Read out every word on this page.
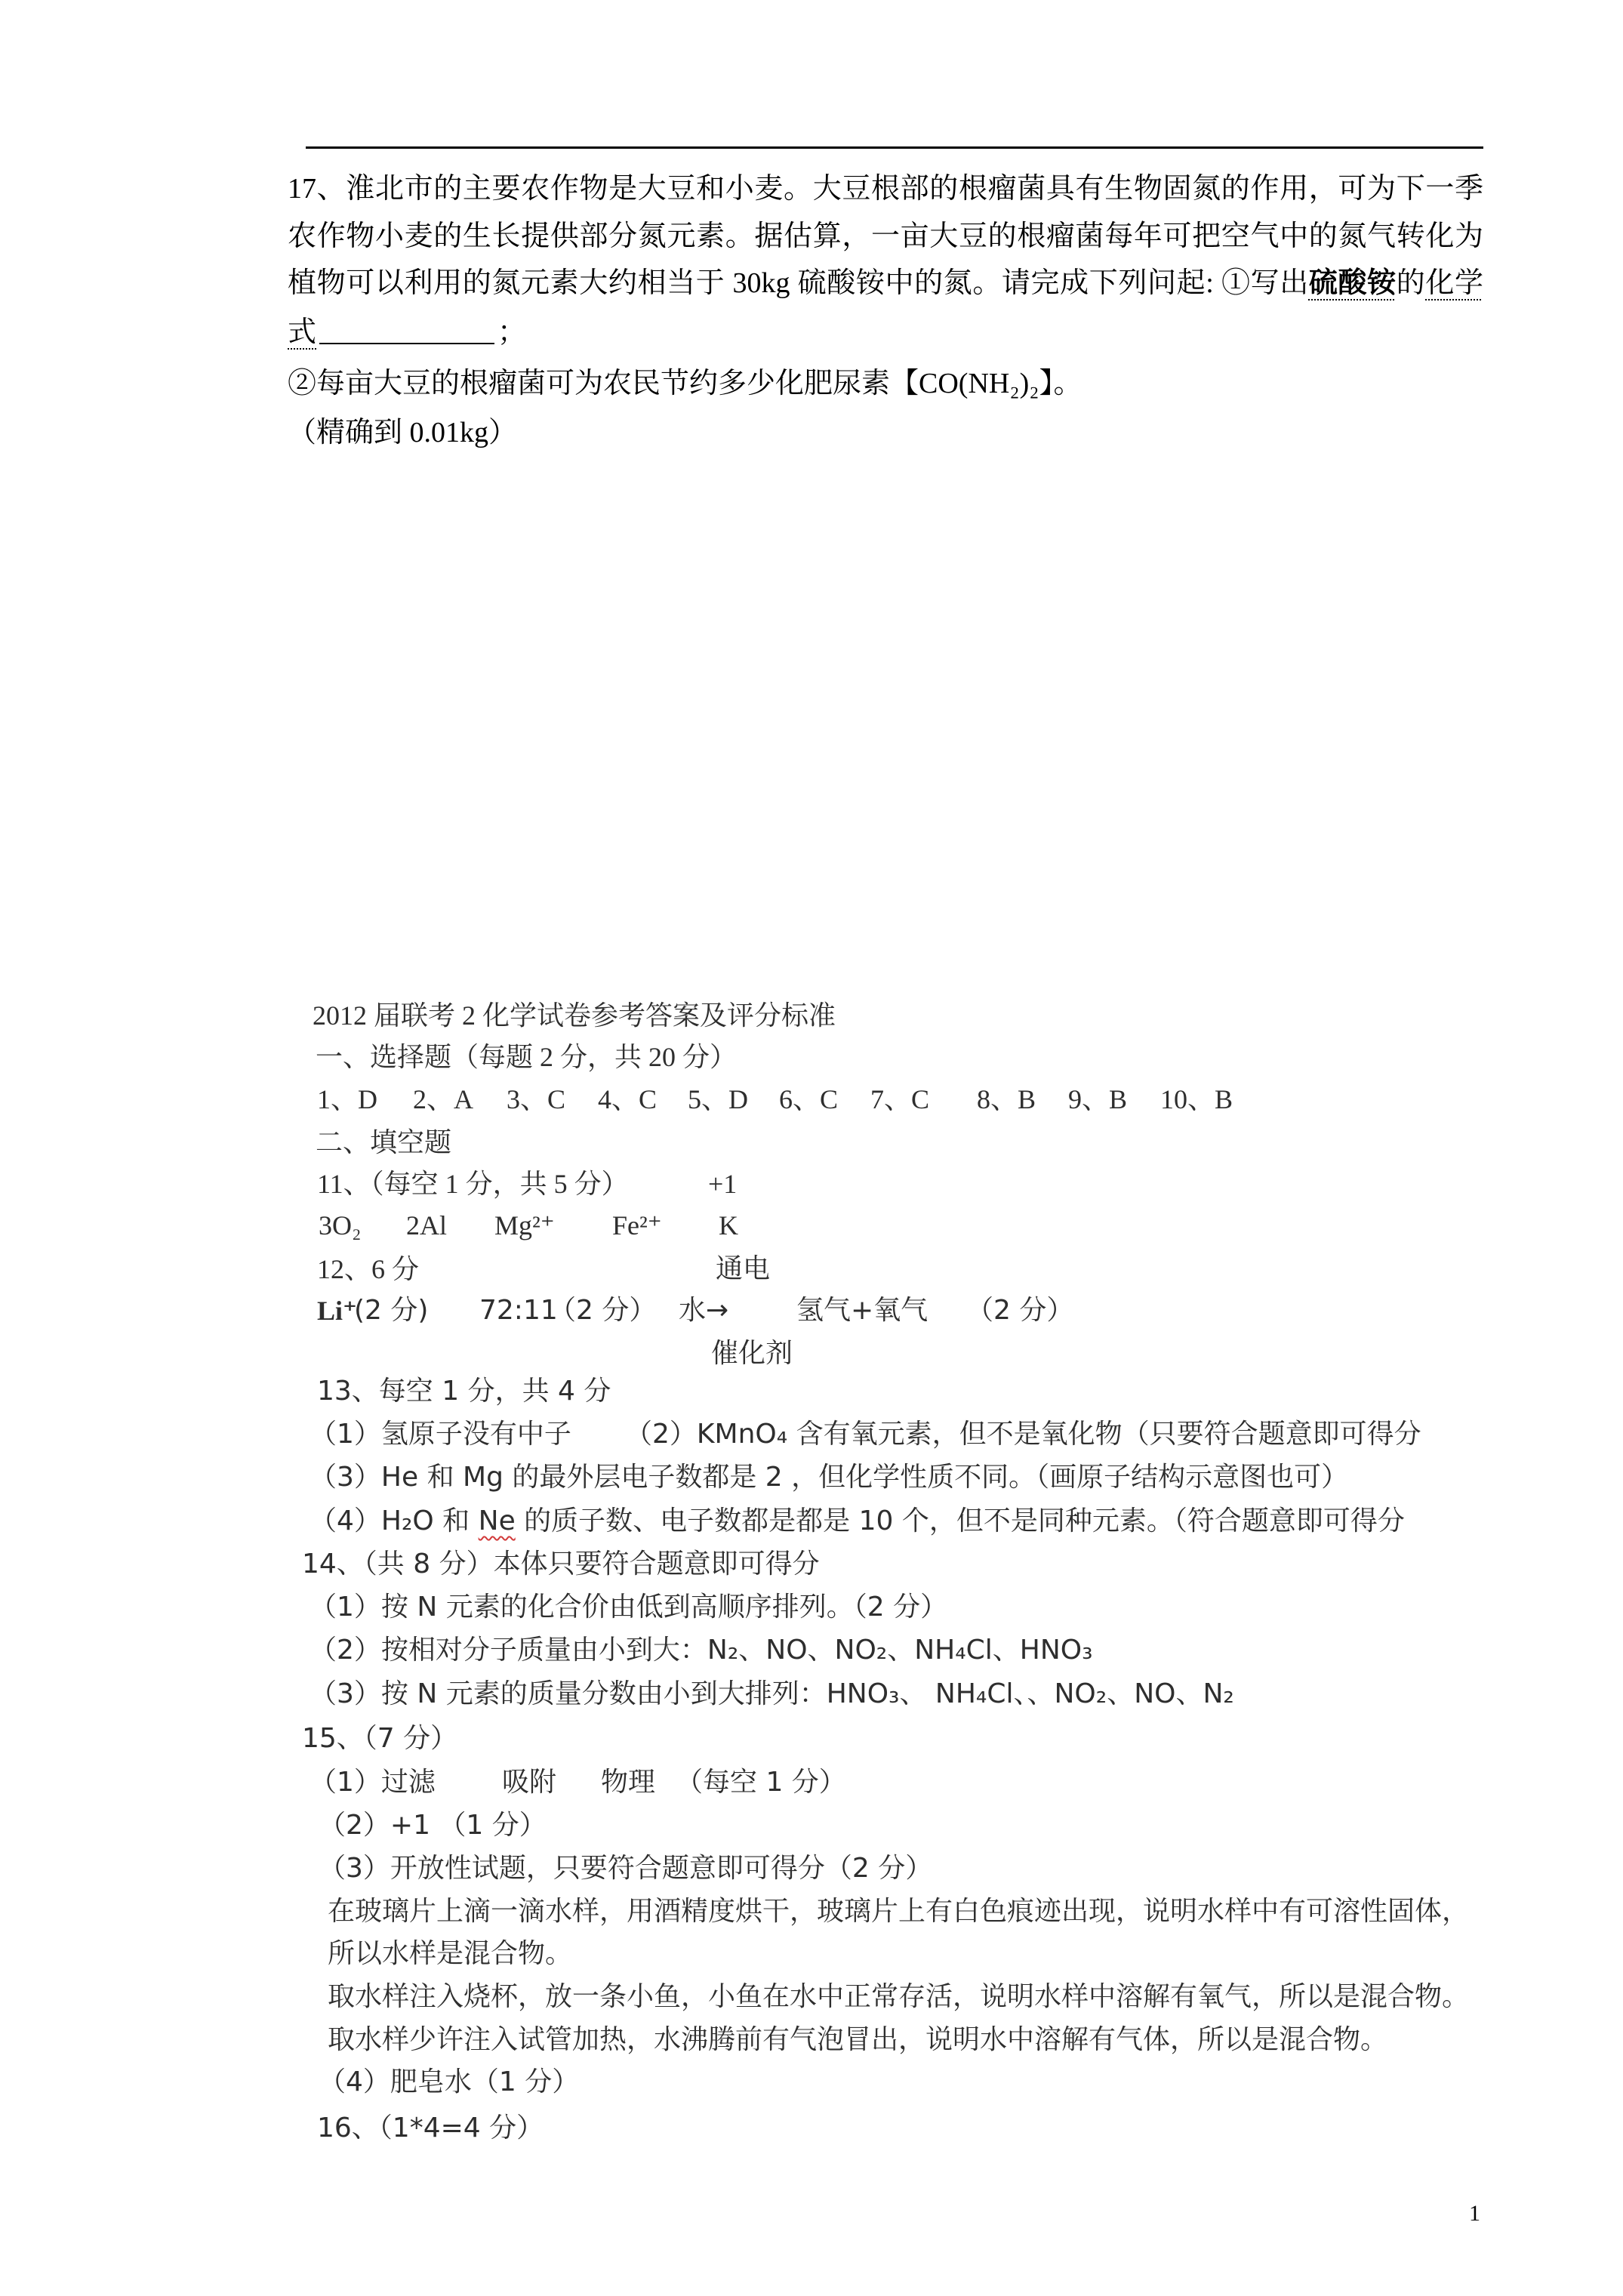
17、淮北市的主要农作物是大豆和小麦。大豆根部的根瘤菌具有生物固氮的作用，可为下一季
农作物小麦的生长提供部分氮元素。据估算，一亩大豆的根瘤菌每年可把空气中的氮气转化为
植物可以利用的氮元素大约相当于 30kg 硫酸铵中的氮。请完成下列问起: ①写出硫酸铵的化学
式	；
②每亩大豆的根瘤菌可为农民节约多少化肥尿素【CO(NH₂)₂】。
（精确到 0.01kg）
2012 届联考 2 化学试卷参考答案及评分标准
一、选择题（每题 2 分，共 20 分）
1、D 2、A 3、C 4、C 5、D 6、C 7、C 8、B 9、B 10、B
二、填空题
11、（每空 1 分，共 5 分）	+1
3O₂ 2Al Mg²⁺ Fe²⁺ K
12、6 分	通电
Li⁺
(2 分) 72:11
（2 分） 水→ 氢气+氧气 （2 分）
催化剂
13、每空 1 分，共 4 分
（1）氢原子没有中子 （2）KMnO₄ 含有氧元素，但不是氧化物（只要符合题意即可得分
（3）He 和 Mg 的最外层电子数都是 2 ，但化学性质不同。（画原子结构示意图也可）
（4）H₂O 和 Ne 的质子数、电子数都是都是 10 个，但不是同种元素。（符合题意即可得分
14、（共 8 分）本体只要符合题意即可得分
（1）按 N 元素的化合价由低到高顺序排列。（2 分）
（2）按相对分子质量由小到大：N₂、NO、NO₂、NH₄Cl、HNO₃
（3）按 N 元素的质量分数由小到大排列：HNO₃、 NH₄Cl、、NO₂、NO、N₂
15、（7 分）
（1）过滤 吸附 物理 （每空 1 分）
（2）+1 （1 分）
（3）开放性试题，只要符合题意即可得分（2 分）
在玻璃片上滴一滴水样，用酒精度烘干，玻璃片上有白色痕迹出现，说明水样中有可溶性固体，
所以水样是混合物。
取水样注入烧杯，放一条小鱼，小鱼在水中正常存活，说明水样中溶解有氧气，所以是混合物。
取水样少许注入试管加热，水沸腾前有气泡冒出，说明水中溶解有气体，所以是混合物。
（4）肥皂水（1 分）
16、（1*4=4 分）
1
